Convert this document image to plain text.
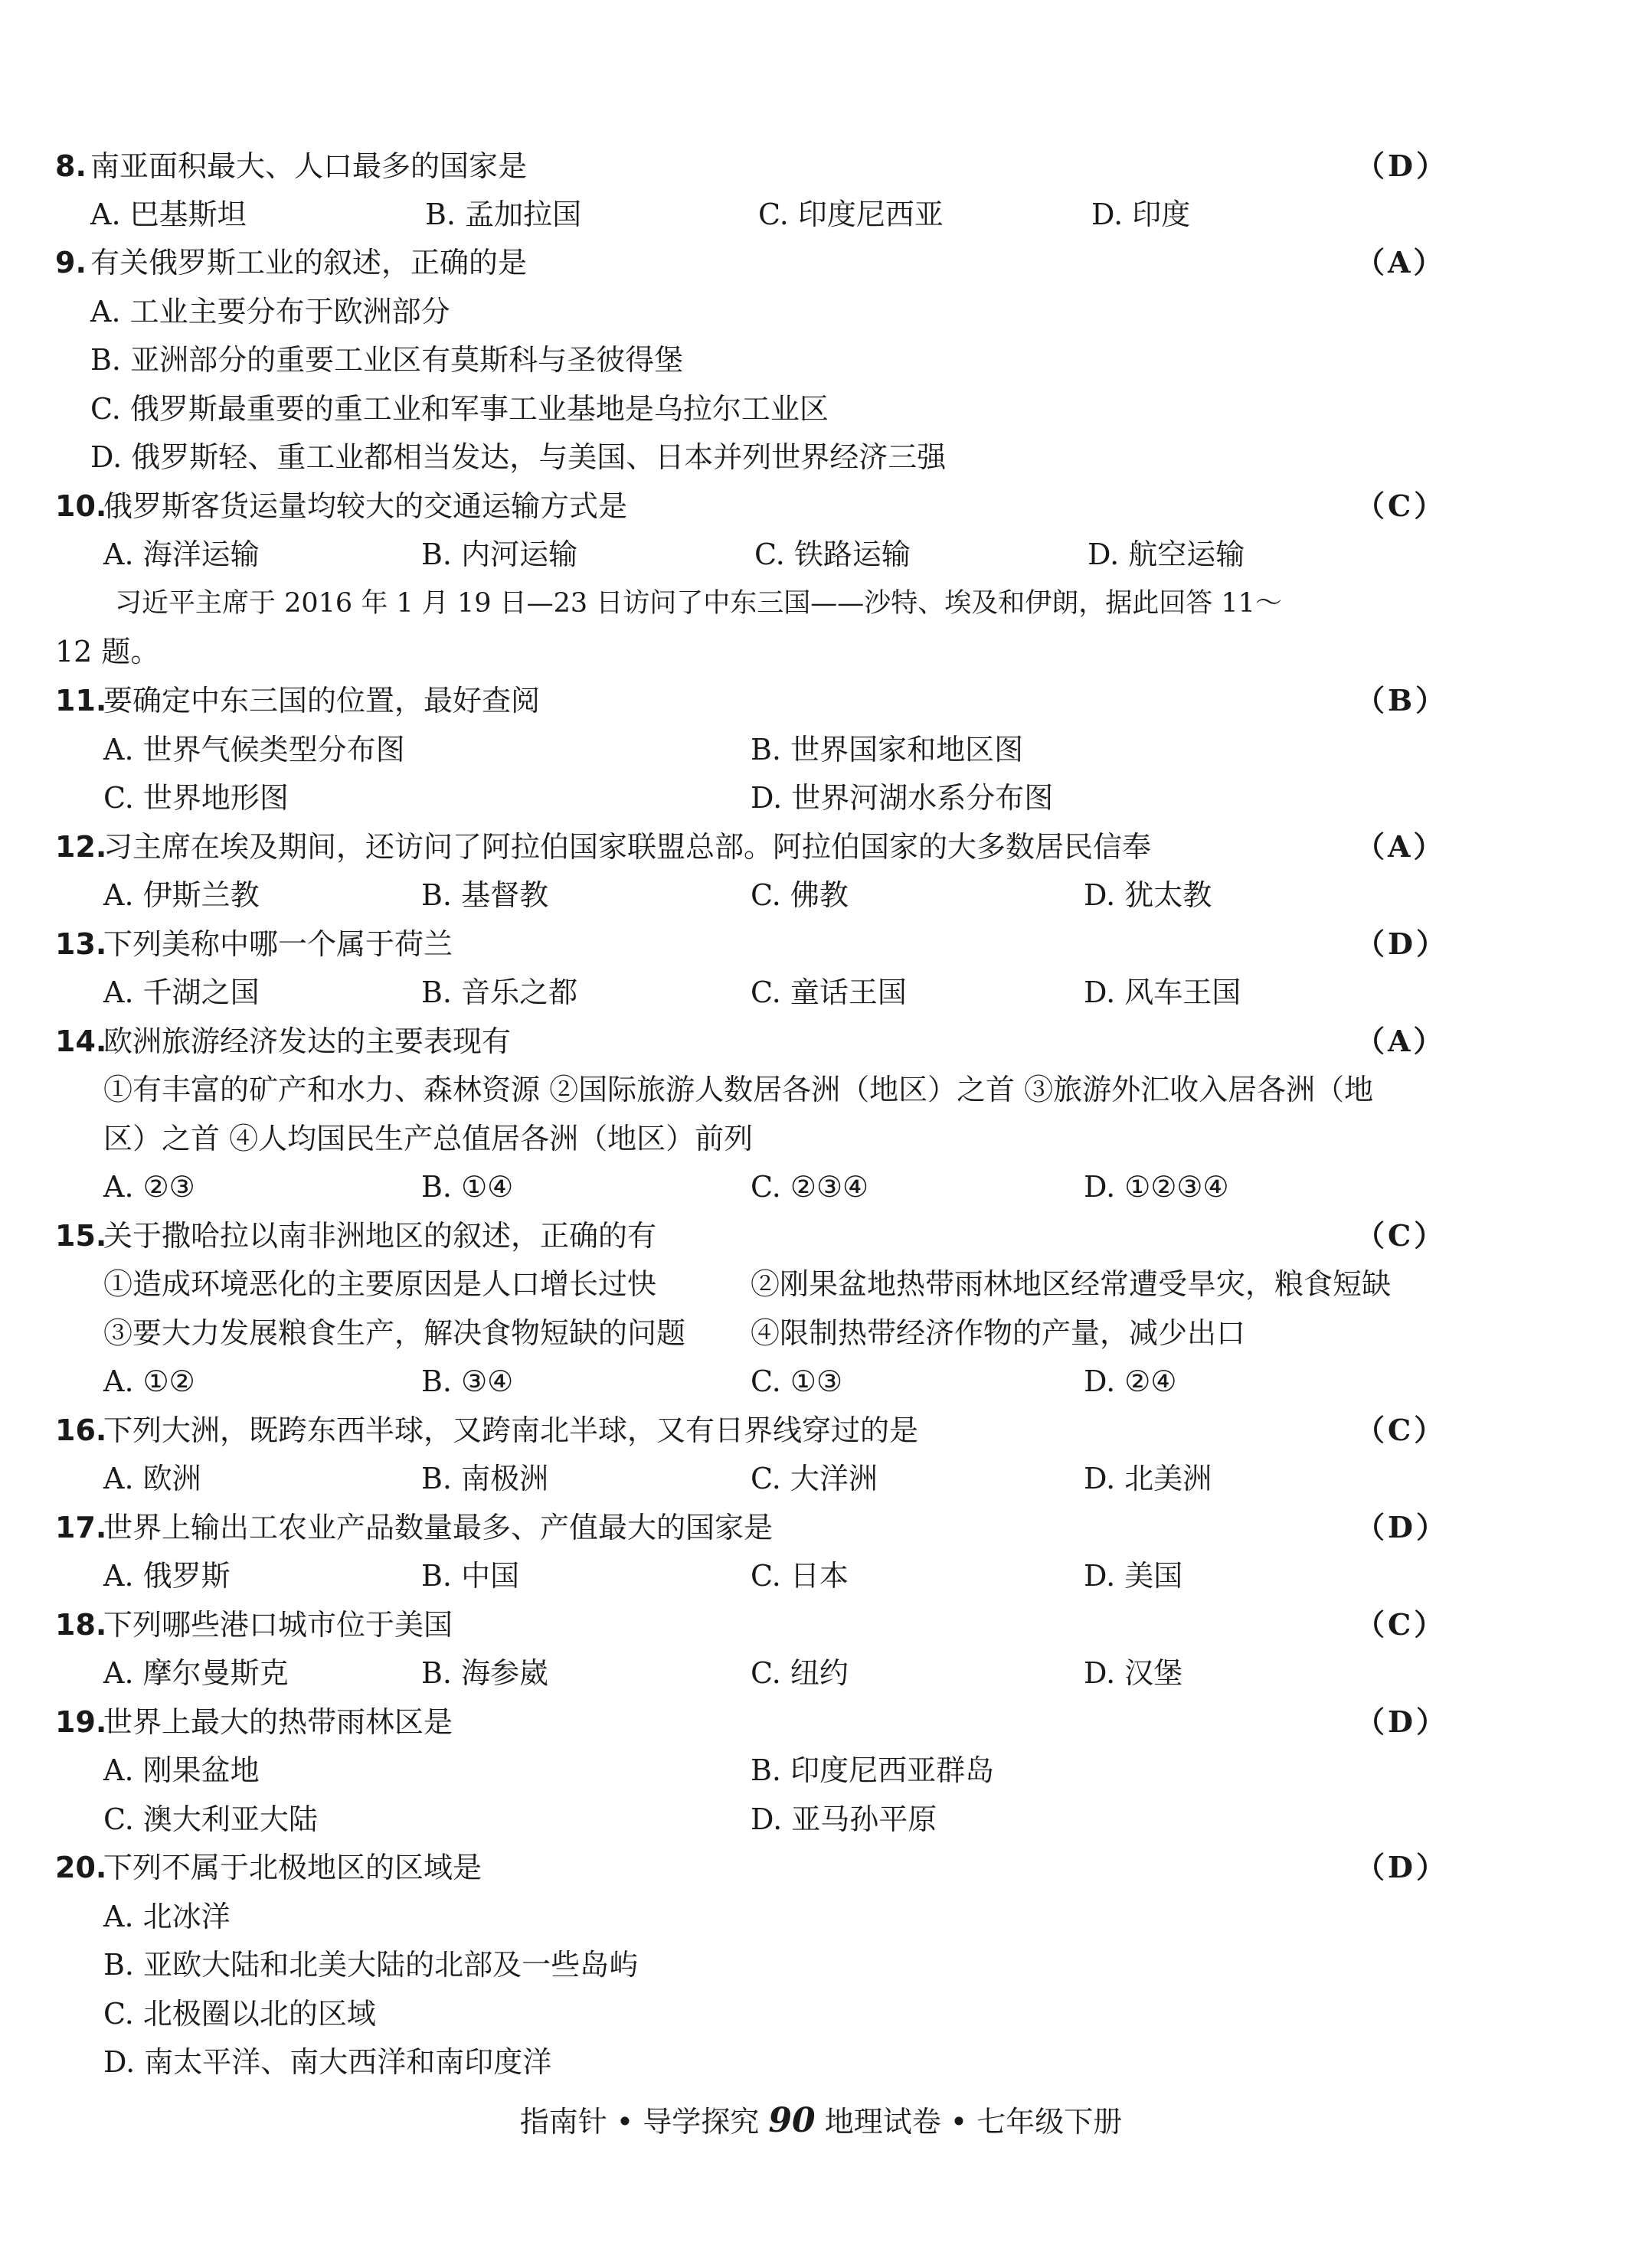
8. 南亚面积最大、人口最多的国家是	（D）
A. 巴基斯坦	B. 孟加拉国	C. 印度尼西亚	D. 印度
9. 有关俄罗斯工业的叙述，正确的是	（A）
A. 工业主要分布于欧洲部分
B. 亚洲部分的重要工业区有莫斯科与圣彼得堡
C. 俄罗斯最重要的重工业和军事工业基地是乌拉尔工业区
D. 俄罗斯轻、重工业都相当发达，与美国、日本并列世界经济三强
10.
俄罗斯客货运量均较大的交通运输方式是	（C）
A. 海洋运输	B. 内河运输	C. 铁路运输	D. 航空运输
习近平主席于 2016 年 1 月 19 日—23 日访问了中东三国——沙特、埃及和伊朗，据此回答 11～
12 题。
11.
要确定中东三国的位置，最好查阅	（B）
A. 世界气候类型分布图	B. 世界国家和地区图
C. 世界地形图	D. 世界河湖水系分布图
12.
习主席在埃及期间，还访问了阿拉伯国家联盟总部。阿拉伯国家的大多数居民信奉	（A）
A. 伊斯兰教	B. 基督教	C. 佛教	D. 犹太教
13.
下列美称中哪一个属于荷兰	（D）
A. 千湖之国	B. 音乐之都	C. 童话王国	D. 风车王国
14.
欧洲旅游经济发达的主要表现有	（A）
①有丰富的矿产和水力、森林资源 ②国际旅游人数居各洲（地区）之首 ③旅游外汇收入居各洲（地
区）之首 ④人均国民生产总值居各洲（地区）前列
A. ②③	B. ①④	C. ②③④	D. ①②③④
15.
关于撒哈拉以南非洲地区的叙述，正确的有	（C）
①造成环境恶化的主要原因是人口增长过快	②刚果盆地热带雨林地区经常遭受旱灾，粮食短缺
③要大力发展粮食生产，解决食物短缺的问题 ④限制热带经济作物的产量，减少出口
A. ①②	B. ③④	C. ①③	D. ②④
16.
下列大洲，既跨东西半球，又跨南北半球，又有日界线穿过的是	（C）
A. 欧洲	B. 南极洲	C. 大洋洲	D. 北美洲
17.
世界上输出工农业产品数量最多、产值最大的国家是	（D）
A. 俄罗斯	B. 中国	C. 日本	D. 美国
18.
下列哪些港口城市位于美国	（C）
A. 摩尔曼斯克	B. 海参崴	C. 纽约	D. 汉堡
19.
世界上最大的热带雨林区是	（D）
A. 刚果盆地	B. 印度尼西亚群岛
C. 澳大利亚大陆	D. 亚马孙平原
20.
下列不属于北极地区的区域是	（D）
A. 北冰洋
B. 亚欧大陆和北美大陆的北部及一些岛屿
C. 北极圈以北的区域
D. 南太平洋、南大西洋和南印度洋
指南针 • 导学探究 90 地理试卷 • 七年级下册
